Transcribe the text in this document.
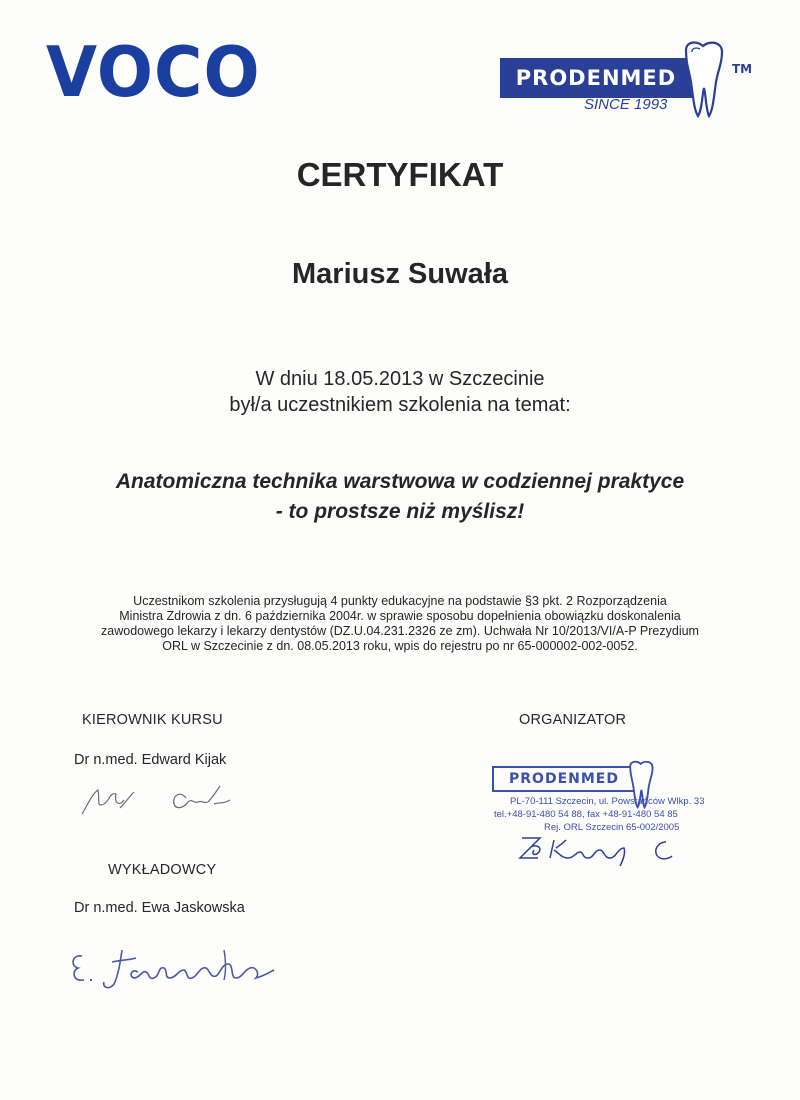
VOCO	PRODENMED	TM
SINCE 1993
CERTYFIKAT
Mariusz Suwała
W dniu 18.05.2013 w Szczecinie
był/a uczestnikiem szkolenia na temat:
Anatomiczna technika warstwowa w codziennej praktyce
- to prostsze niż myślisz!
Uczestnikom szkolenia przysługują 4 punkty edukacyjne na podstawie §3 pkt. 2 Rozporządzenia
Ministra Zdrowia z dn. 6 października 2004r. w sprawie sposobu dopełnienia obowiązku doskonalenia
zawodowego lekarzy i lekarzy dentystów (DZ.U.04.231.2326 ze zm). Uchwała Nr 10/2013/VI/A-P Prezydium
ORL w Szczecinie z dn. 08.05.2013 roku, wpis do rejestru po nr 65-000002-002-0052.
KIEROWNIK KURSU
Dr n.med. Edward Kijak
WYKŁADOWCY
Dr n.med. Ewa Jaskowska
ORGANIZATOR
PRODENMED
PL-70-111 Szczecin, ul. Powstańców Wlkp. 33
tel.+48-91-480 54 88, fax +48-91-480 54 85
Rej. ORL Szczecin 65-002/2005
